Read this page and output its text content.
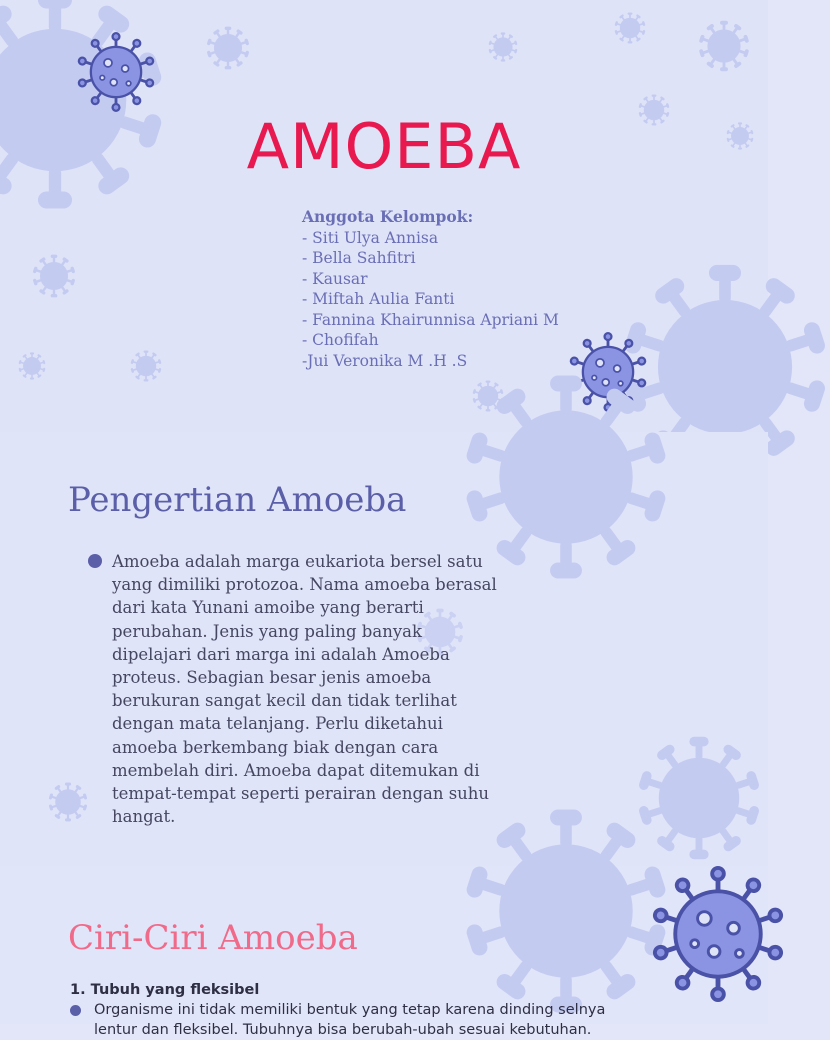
AMOEBA
Anggota Kelompok:
- Siti Ulya Annisa
- Bella Sahfitri
- Kausar
- Miftah Aulia Fanti
- Fannina Khairunnisa Apriani M
- Chofifah
-Jui Veronika M .H .S
Pengertian Amoeba
Amoeba adalah marga eukariota bersel satu yang dimiliki protozoa. Nama amoeba berasal dari kata Yunani amoibe yang berarti perubahan. Jenis yang paling banyak dipelajari dari marga ini adalah Amoeba proteus. Sebagian besar jenis amoeba berukuran sangat kecil dan tidak terlihat dengan mata telanjang. Perlu diketahui amoeba berkembang biak dengan cara membelah diri. Amoeba dapat ditemukan di tempat-tempat seperti perairan dengan suhu hangat.
Ciri-Ciri Amoeba
1. Tubuh yang fleksibel
Organisme ini tidak memiliki bentuk yang tetap karena dinding selnya lentur dan fleksibel. Tubuhnya bisa berubah-ubah sesuai kebutuhan.
